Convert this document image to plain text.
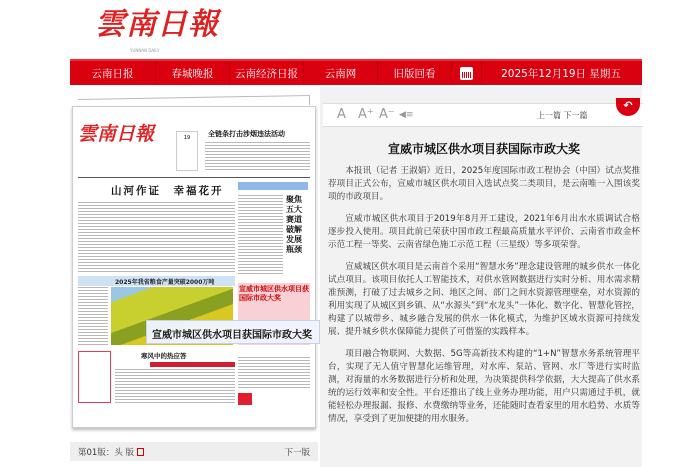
雲南日報
YUNNAN DAILY
云南日报	春城晚报	云南经济日报	云南网	旧版回看	2025年12月19日 星期五
雲南日報	19	全链条打击涉烟违法活动
山河作证　幸福花开
聚焦五大赛道 破解发展瓶颈
2025年我省粮食产量突破2000万吨
宣威市城区供水项目获国际市政大奖
寒风中的热应答
第01版：头 版	下一版
A A⁺ A⁻ ◀≡	上一篇 下一篇
↶
宣威市城区供水项目获国际市政大奖

本报讯（记者 王淑娟）近日，2025年度国际市政工程协会（中国）试点奖推荐项目正式公布，宣威市城区供水项目入选试点奖二类项目，是云南唯一入围该奖项的市政项目。

宣威市城区供水项目于2019年8月开工建设，2021年6月出水水质调试合格逐步投入使用。项目此前已荣获中国市政工程最高质量水平评价、云南省市政金杯示范工程一等奖、云南省绿色施工示范工程（三星级）等多项荣誉。

宣威城区供水项目是云南首个采用“智慧水务”理念建设管理的城乡供水一体化试点项目。该项目依托人工智能技术，对供水管网数据进行实时分析、用水需求精准预测，打破了过去城乡之间、地区之间、部门之间水资源管理壁垒，对水资源的利用实现了从城区到乡镇、从“水源头”到“水龙头”一体化、数字化、智慧化管控，构建了以城带乡、城乡融合发展的供水一体化模式，为维护区域水资源可持续发展、提升城乡供水保障能力提供了可借鉴的实践样本。

项目融合物联网、大数据、5G等高新技术构建的“1+N”智慧水务系统管理平台，实现了无人值守智慧化运维管理，对水库、泵站、管网、水厂等进行实时监测，对海量的水务数据进行分析和处理，为决策提供科学依据，大大提高了供水系统的运行效率和安全性。平台还推出了线上业务办理功能，用户只需通过手机，就能轻松办理报漏、报修、水费缴纳等业务，还能随时查看家里的用水趋势、水质等情况，享受到了更加便捷的用水服务。

宣威市城区供水项目获国际市政大奖
